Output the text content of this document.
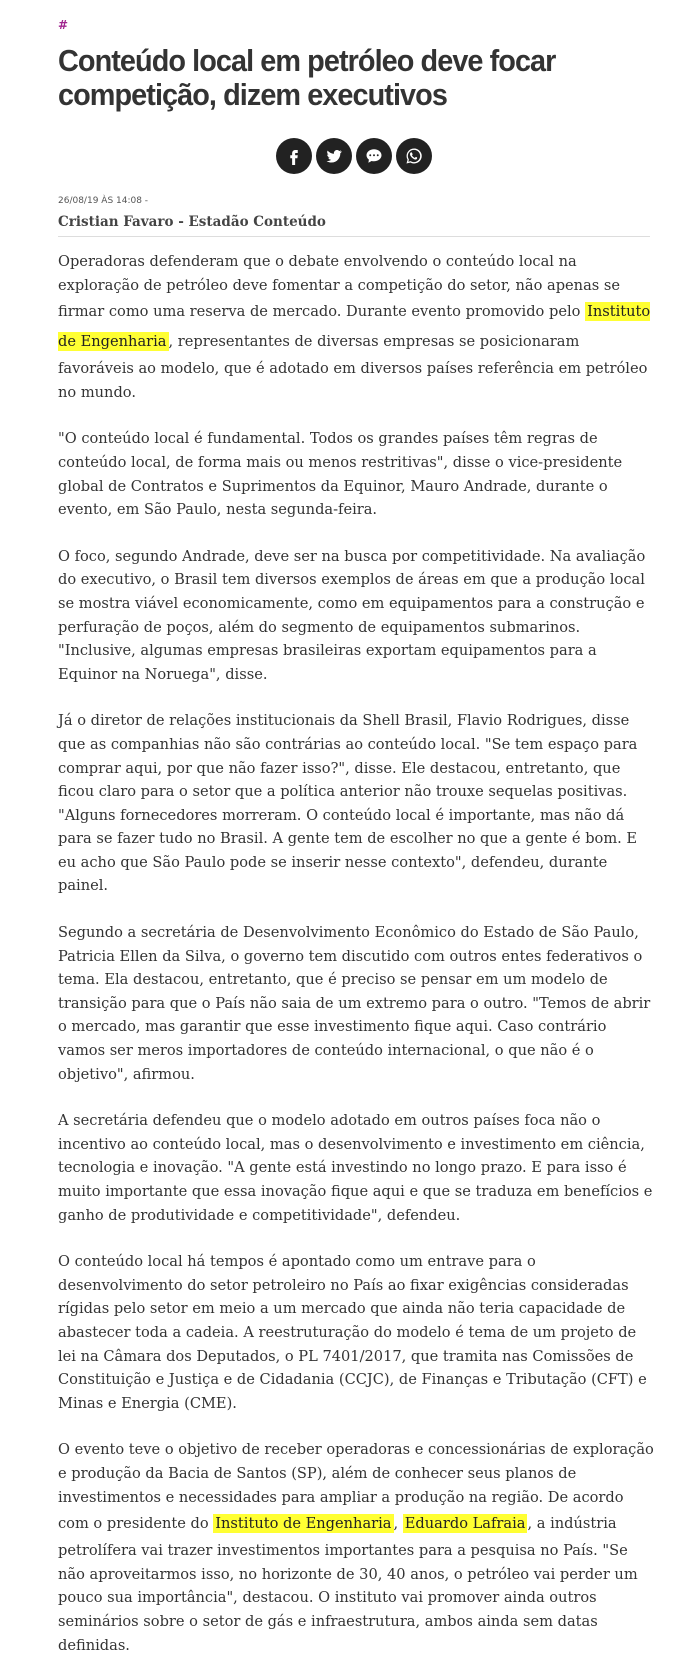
#
Conteúdo local em petróleo deve focar competição, dizem executivos
26/08/19 ÀS 14:08 -
Cristian Favaro - Estadão Conteúdo

Operadoras defenderam que o debate envolvendo o conteúdo local na exploração de petróleo deve fomentar a competição do setor, não apenas se firmar como uma reserva de mercado. Durante evento promovido pelo Instituto de Engenharia , representantes de diversas empresas se posicionaram favoráveis ao modelo, que é adotado em diversos países referência em petróleo no mundo.

"O conteúdo local é fundamental. Todos os grandes países têm regras de conteúdo local, de forma mais ou menos restritivas", disse o vice-presidente global de Contratos e Suprimentos da Equinor, Mauro Andrade, durante o evento, em São Paulo, nesta segunda-feira.

O foco, segundo Andrade, deve ser na busca por competitividade. Na avaliação do executivo, o Brasil tem diversos exemplos de áreas em que a produção local se mostra viável economicamente, como em equipamentos para a construção e perfuração de poços, além do segmento de equipamentos submarinos. "Inclusive, algumas empresas brasileiras exportam equipamentos para a Equinor na Noruega", disse.

Já o diretor de relações institucionais da Shell Brasil, Flavio Rodrigues, disse que as companhias não são contrárias ao conteúdo local. "Se tem espaço para comprar aqui, por que não fazer isso?", disse. Ele destacou, entretanto, que ficou claro para o setor que a política anterior não trouxe sequelas positivas. "Alguns fornecedores morreram. O conteúdo local é importante, mas não dá para se fazer tudo no Brasil. A gente tem de escolher no que a gente é bom. E eu acho que São Paulo pode se inserir nesse contexto", defendeu, durante painel.

Segundo a secretária de Desenvolvimento Econômico do Estado de São Paulo, Patricia Ellen da Silva, o governo tem discutido com outros entes federativos o tema. Ela destacou, entretanto, que é preciso se pensar em um modelo de transição para que o País não saia de um extremo para o outro. "Temos de abrir o mercado, mas garantir que esse investimento fique aqui. Caso contrário vamos ser meros importadores de conteúdo internacional, o que não é o objetivo", afirmou.

A secretária defendeu que o modelo adotado em outros países foca não o incentivo ao conteúdo local, mas o desenvolvimento e investimento em ciência, tecnologia e inovação. "A gente está investindo no longo prazo. E para isso é muito importante que essa inovação fique aqui e que se traduza em benefícios e ganho de produtividade e competitividade", defendeu.

O conteúdo local há tempos é apontado como um entrave para o desenvolvimento do setor petroleiro no País ao fixar exigências consideradas rígidas pelo setor em meio a um mercado que ainda não teria capacidade de abastecer toda a cadeia. A reestruturação do modelo é tema de um projeto de lei na Câmara dos Deputados, o PL 7401/2017, que tramita nas Comissões de Constituição e Justiça e de Cidadania (CCJC), de Finanças e Tributação (CFT) e Minas e Energia (CME).

O evento teve o objetivo de receber operadoras e concessionárias de exploração e produção da Bacia de Santos (SP), além de conhecer seus planos de investimentos e necessidades para ampliar a produção na região. De acordo com o presidente do Instituto de Engenharia , Eduardo Lafraia , a indústria petrolífera vai trazer investimentos importantes para a pesquisa no País. "Se não aproveitarmos isso, no horizonte de 30, 40 anos, o petróleo vai perder um pouco sua importância", destacou. O instituto vai promover ainda outros seminários sobre o setor de gás e infraestrutura, ambos ainda sem datas definidas.
